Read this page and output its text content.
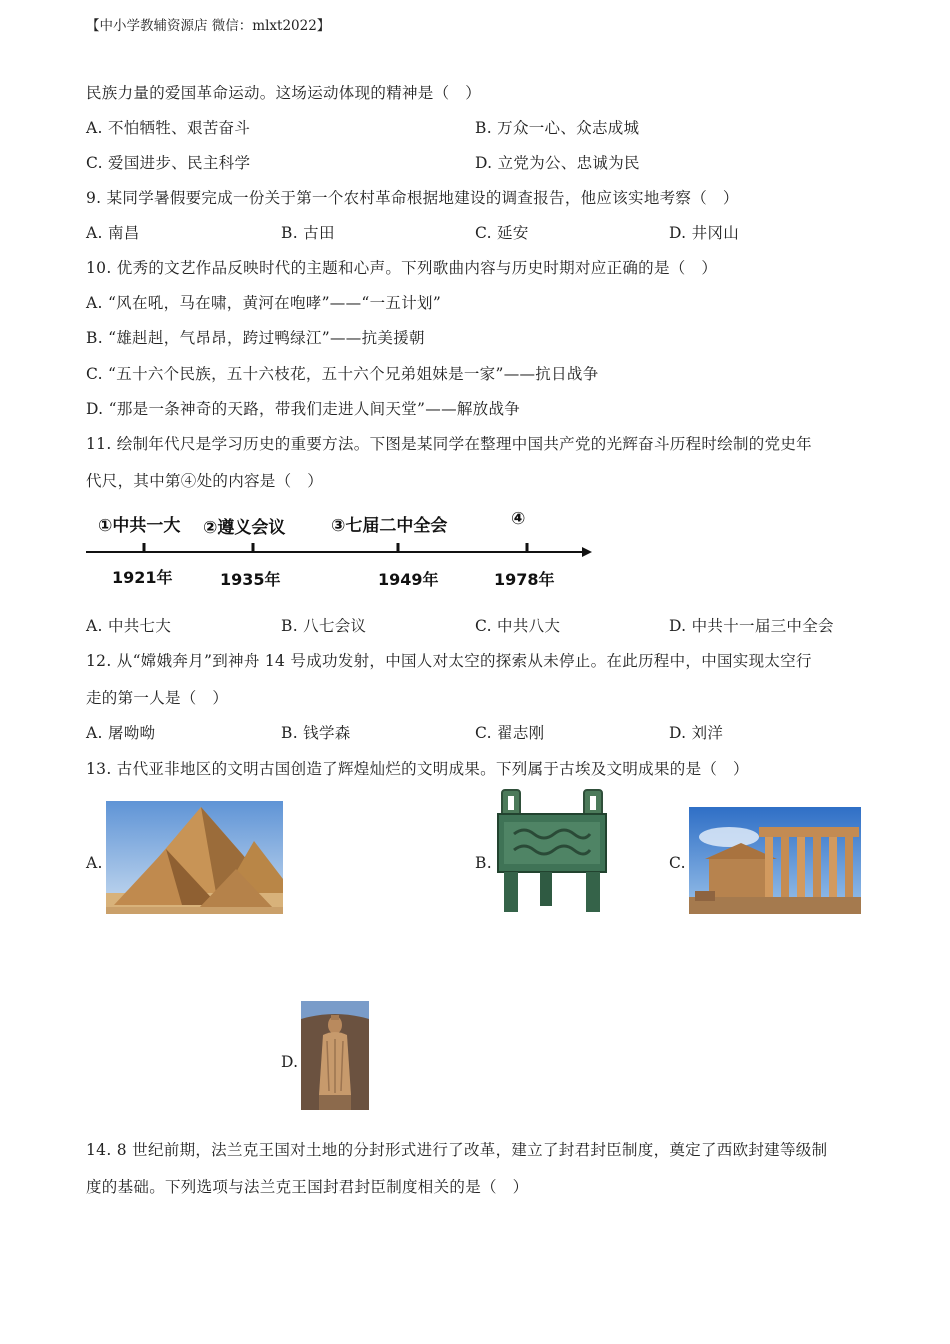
【中小学教辅资源店 微信：mlxt2022】
民族力量的爱国革命运动。这场运动体现的精神是（　）
A. 不怕牺牲、艰苦奋斗	B. 万众一心、众志成城
C. 爱国进步、民主科学	D. 立党为公、忠诚为民
9. 某同学暑假要完成一份关于第一个农村革命根据地建设的调查报告，他应该实地考察（　）
A. 南昌	B. 古田	C. 延安	D. 井冈山
10. 优秀的文艺作品反映时代的主题和心声。下列歌曲内容与历史时期对应正确的是（　）
A. “风在吼，马在啸，黄河在咆哮”——“一五计划”
B. “雄赳赳，气昂昂，跨过鸭绿江”——抗美援朝
C. “五十六个民族，五十六枝花，五十六个兄弟姐妹是一家”——抗日战争
D. “那是一条神奇的天路，带我们走进人间天堂”——解放战争
11. 绘制年代尺是学习历史的重要方法。下图是某同学在整理中国共产党的光辉奋斗历程时绘制的党史年
代尺，其中第④处的内容是（　）
①中共一大 ②遵义会议	③七届二中全会	④
1921年	1935年	1949年	1978年
A. 中共七大	B. 八七会议	C. 中共八大	D. 中共十一届三中全会
12. 从“嫦娥奔月”到神舟 14 号成功发射，中国人对太空的探索从未停止。在此历程中，中国实现太空行
走的第一人是（　）
A. 屠呦呦	B. 钱学森	C. 翟志刚	D. 刘洋
13. 古代亚非地区的文明古国创造了辉煌灿烂的文明成果。下列属于古埃及文明成果的是（　）
A.	B.	C.
D.
14. 8 世纪前期，法兰克王国对土地的分封形式进行了改革，建立了封君封臣制度，奠定了西欧封建等级制
度的基础。下列选项与法兰克王国封君封臣制度相关的是（　）
